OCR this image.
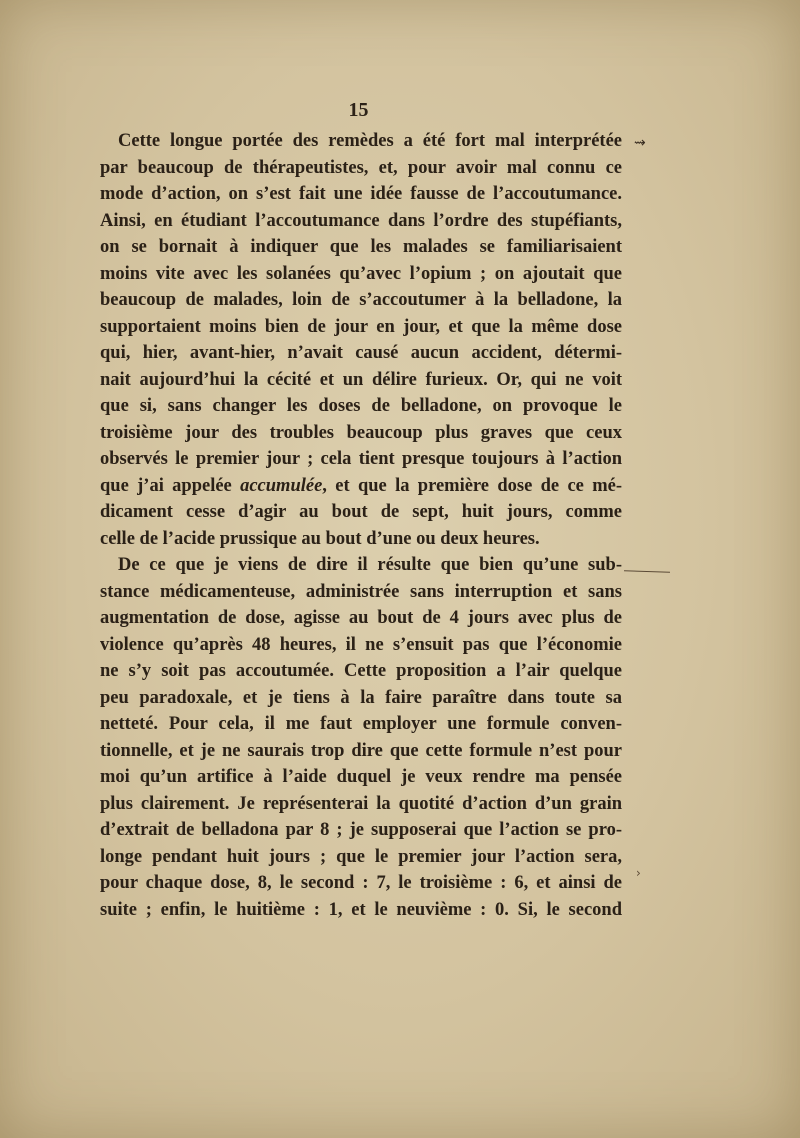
15
Cette longue portée des remèdes a été fort mal interprétée
par beaucoup de thérapeutistes, et, pour avoir mal connu ce
mode d’action, on s’est fait une idée fausse de l’accoutumance.
Ainsi, en étudiant l’accoutumance dans l’ordre des stupéfiants,
on se bornait à indiquer que les malades se familiarisaient
moins vite avec les solanées qu’avec l’opium ; on ajoutait que
beaucoup de malades, loin de s’accoutumer à la belladone, la
supportaient moins bien de jour en jour, et que la même dose
qui, hier, avant-hier, n’avait causé aucun accident, détermi-
nait aujourd’hui la cécité et un délire furieux. Or, qui ne voit
que si, sans changer les doses de belladone, on provoque le
troisième jour des troubles beaucoup plus graves que ceux
observés le premier jour ; cela tient presque toujours à l’action
que j’ai appelée accumulée, et que la première dose de ce mé-
dicament cesse d’agir au bout de sept, huit jours, comme
celle de l’acide prussique au bout d’une ou deux heures.
De ce que je viens de dire il résulte que bien qu’une sub-
stance médicamenteuse, administrée sans interruption et sans
augmentation de dose, agisse au bout de 4 jours avec plus de
violence qu’après 48 heures, il ne s’ensuit pas que l’économie
ne s’y soit pas accoutumée. Cette proposition a l’air quelque
peu paradoxale, et je tiens à la faire paraître dans toute sa
netteté. Pour cela, il me faut employer une formule conven-
tionnelle, et je ne saurais trop dire que cette formule n’est pour
moi qu’un artifice à l’aide duquel je veux rendre ma pensée
plus clairement. Je représenterai la quotité d’action d’un grain
d’extrait de belladona par 8 ; je supposerai que l’action se pro-
longe pendant huit jours ; que le premier jour l’action sera,
pour chaque dose, 8, le second : 7, le troisième : 6, et ainsi de
suite ; enfin, le huitième : 1, et le neuvième : 0. Si, le second
⇝
›
